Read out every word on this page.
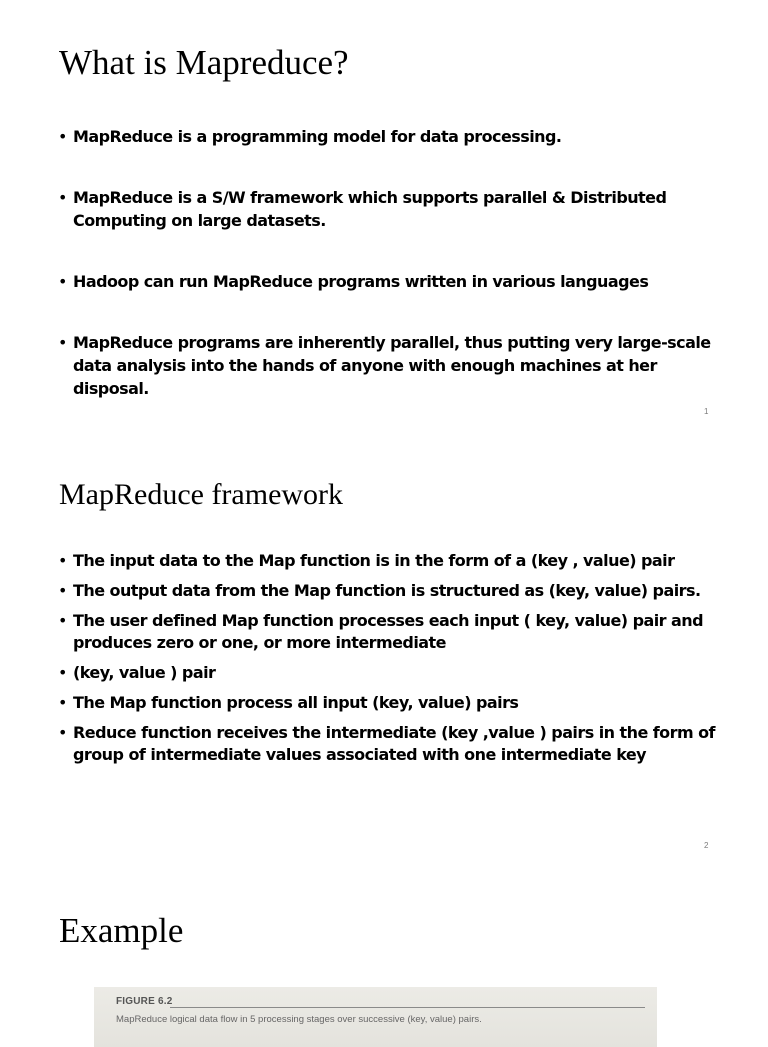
What is Mapreduce?
• MapReduce is a programming model for data processing.
• MapReduce is a S/W framework which supports parallel & Distributed Computing on large datasets.
• Hadoop can run MapReduce programs written in various languages
• MapReduce programs are inherently parallel, thus putting very large-scale data analysis into the hands of anyone with enough machines at her disposal.
1
MapReduce framework
• The input data to the Map function is in the form of a (key , value) pair
• The output data from the Map function is structured as (key, value) pairs.
• The user defined Map function processes each input ( key, value) pair and produces zero or one, or more intermediate
• (key, value ) pair
• The Map function process all input (key, value) pairs
• Reduce function receives the intermediate (key ,value ) pairs in the form of group of intermediate values associated with one intermediate key
2
Example
FIGURE 6.2
MapReduce logical data flow in 5 processing stages over successive (key, value) pairs.
